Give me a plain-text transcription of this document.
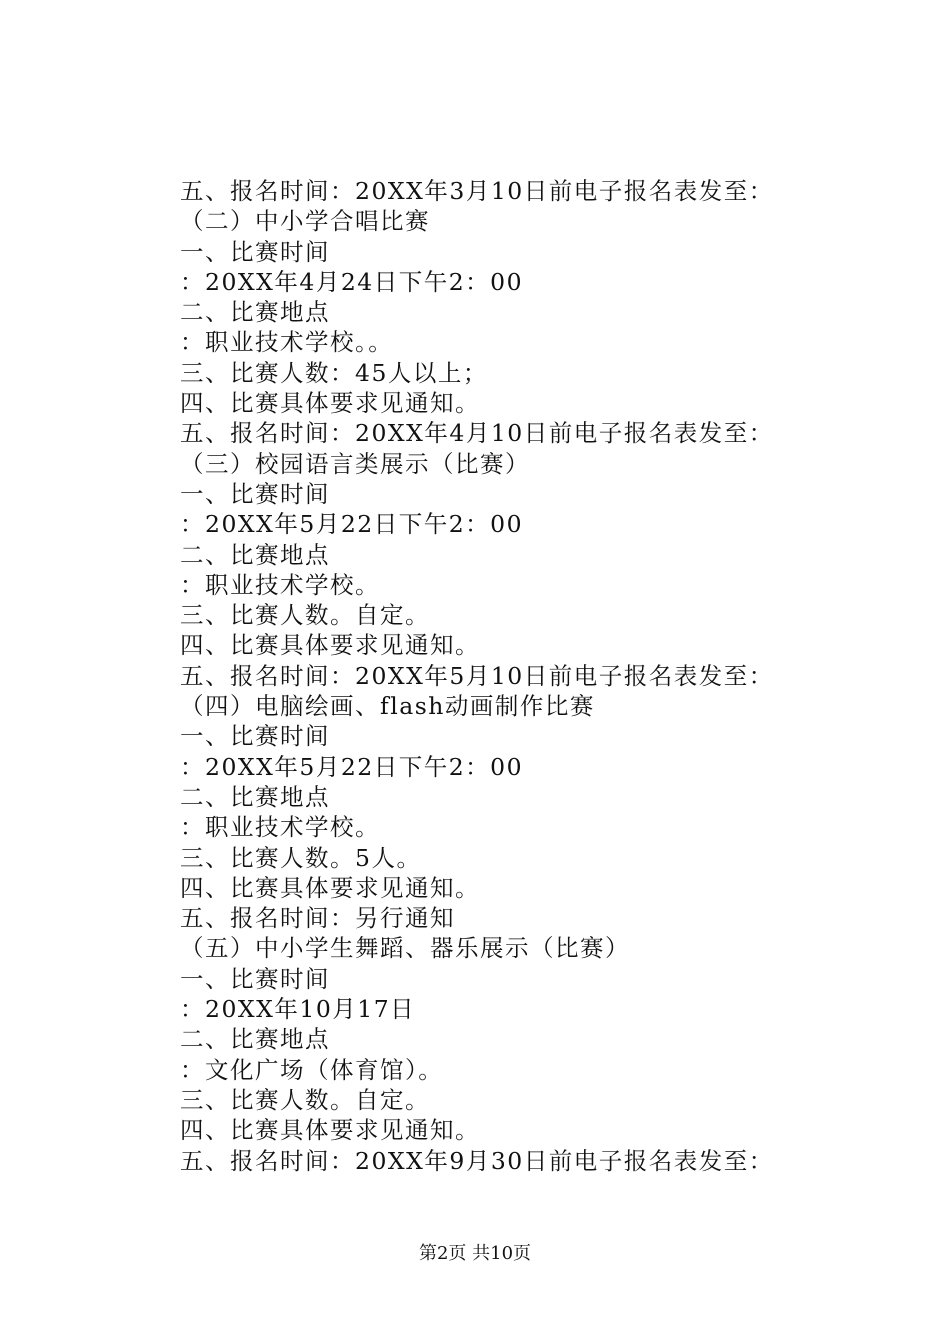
五、报名时间：20XX年3月10日前电子报名表发至：
（二）中小学合唱比赛
一、比赛时间
：20XX年4月24日下午2：00
二、比赛地点
：职业技术学校。。
三、比赛人数：45人以上；
四、比赛具体要求见通知。
五、报名时间：20XX年4月10日前电子报名表发至：
（三）校园语言类展示（比赛）
一、比赛时间
：20XX年5月22日下午2：00
二、比赛地点
：职业技术学校。
三、比赛人数。自定。
四、比赛具体要求见通知。
五、报名时间：20XX年5月10日前电子报名表发至：
（四）电脑绘画、flash动画制作比赛
一、比赛时间
：20XX年5月22日下午2：00
二、比赛地点
：职业技术学校。
三、比赛人数。5人。
四、比赛具体要求见通知。
五、报名时间：另行通知
（五）中小学生舞蹈、器乐展示（比赛）
一、比赛时间
：20XX年10月17日
二、比赛地点
：文化广场（体育馆）。
三、比赛人数。自定。
四、比赛具体要求见通知。
五、报名时间：20XX年9月30日前电子报名表发至：
第2页 共10页
